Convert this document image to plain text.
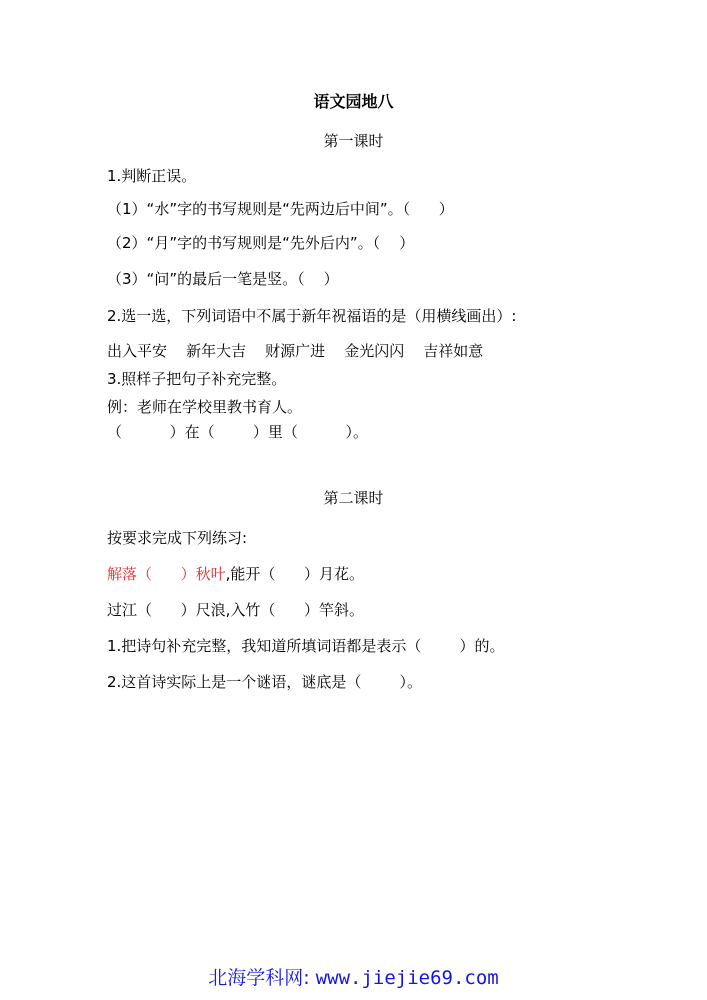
语文园地八
第一课时
1.判断正误。
（1）“水”字的书写规则是“先两边后中间”。（      ）
（2）“月”字的书写规则是“先外后内”。（    ）
（3）“问”的最后一笔是竖。（    ）
2.选一选，下列词语中不属于新年祝福语的是（用横线画出）:
出入平安    新年大吉    财源广进    金光闪闪    吉祥如意
3.照样子把句子补充完整。
例：老师在学校里教书育人。
（          ）在（        ）里（          ）。
第二课时
按要求完成下列练习:
解落（      ）秋叶,能开（      ）月花。
过江（      ）尺浪,入竹（      ）竿斜。
1.把诗句补充完整，我知道所填词语都是表示（        ）的。
2.这首诗实际上是一个谜语，谜底是（        ）。
北海学科网: www.jiejie69.com
